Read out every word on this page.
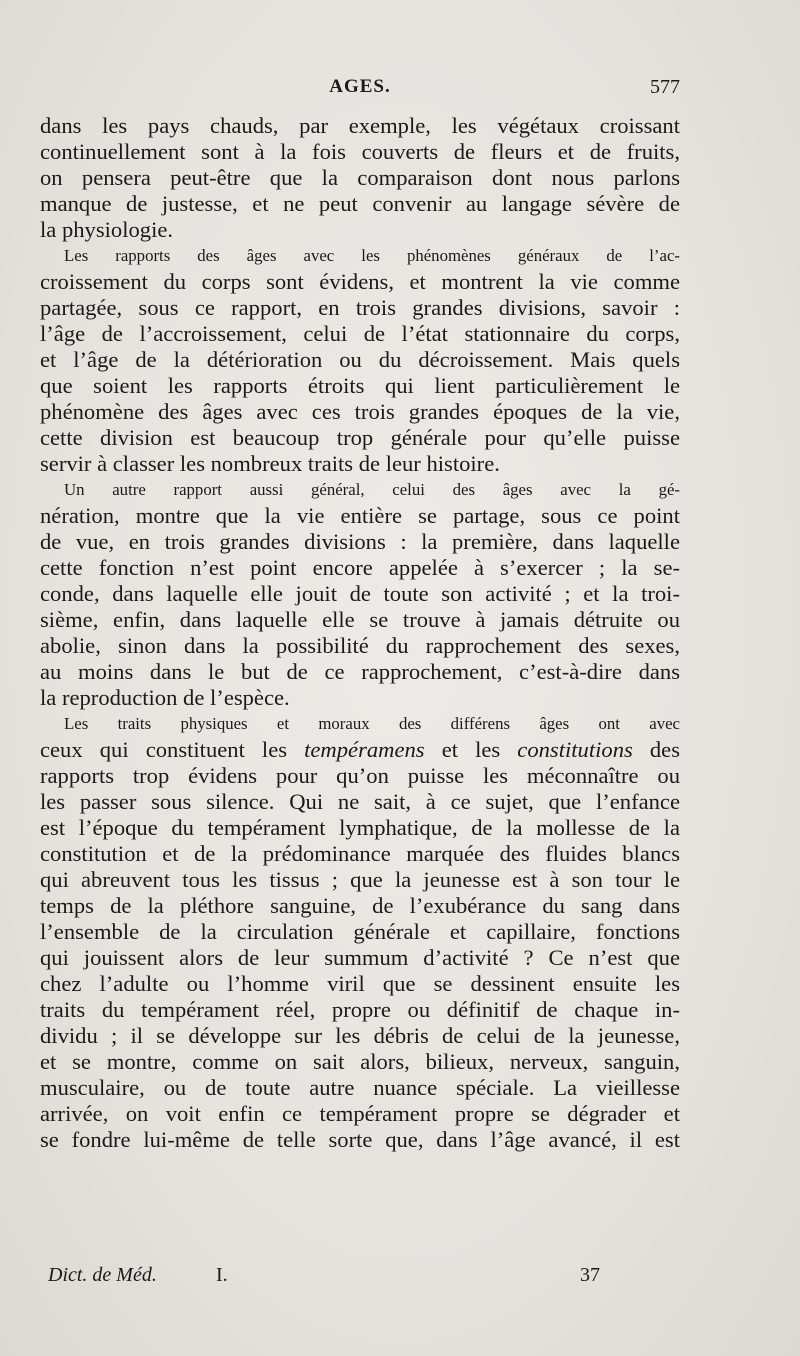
AGES.	577

dans les pays chauds, par exemple, les végétaux croissant
continuellement sont à la fois couverts de fleurs et de fruits,
on pensera peut-être que la comparaison dont nous parlons
manque de justesse, et ne peut convenir au langage sévère de
la physiologie.

Les rapports des âges avec les phénomènes généraux de l’ac-
croissement du corps sont évidens, et montrent la vie comme
partagée, sous ce rapport, en trois grandes divisions, savoir :
l’âge de l’accroissement, celui de l’état stationnaire du corps,
et l’âge de la détérioration ou du décroissement. Mais quels
que soient les rapports étroits qui lient particulièrement le
phénomène des âges avec ces trois grandes époques de la vie,
cette division est beaucoup trop générale pour qu’elle puisse
servir à classer les nombreux traits de leur histoire.

Un autre rapport aussi général, celui des âges avec la gé-
nération, montre que la vie entière se partage, sous ce point
de vue, en trois grandes divisions : la première, dans laquelle
cette fonction n’est point encore appelée à s’exercer ; la se-
conde, dans laquelle elle jouit de toute son activité ; et la troi-
sième, enfin, dans laquelle elle se trouve à jamais détruite ou
abolie, sinon dans la possibilité du rapprochement des sexes,
au moins dans le but de ce rapprochement, c’est-à-dire dans
la reproduction de l’espèce.

Les traits physiques et moraux des différens âges ont avec
ceux qui constituent les tempéramens et les constitutions des
rapports trop évidens pour qu’on puisse les méconnaître ou
les passer sous silence. Qui ne sait, à ce sujet, que l’enfance
est l’époque du tempérament lymphatique, de la mollesse de la
constitution et de la prédominance marquée des fluides blancs
qui abreuvent tous les tissus ; que la jeunesse est à son tour le
temps de la pléthore sanguine, de l’exubérance du sang dans
l’ensemble de la circulation générale et capillaire, fonctions
qui jouissent alors de leur summum d’activité ? Ce n’est que
chez l’adulte ou l’homme viril que se dessinent ensuite les
traits du tempérament réel, propre ou définitif de chaque in-
dividu ; il se développe sur les débris de celui de la jeunesse,
et se montre, comme on sait alors, bilieux, nerveux, sanguin,
musculaire, ou de toute autre nuance spéciale. La vieillesse
arrivée, on voit enfin ce tempérament propre se dégrader et
se fondre lui-même de telle sorte que, dans l’âge avancé, il est

Dict. de Méd.	I.	37
